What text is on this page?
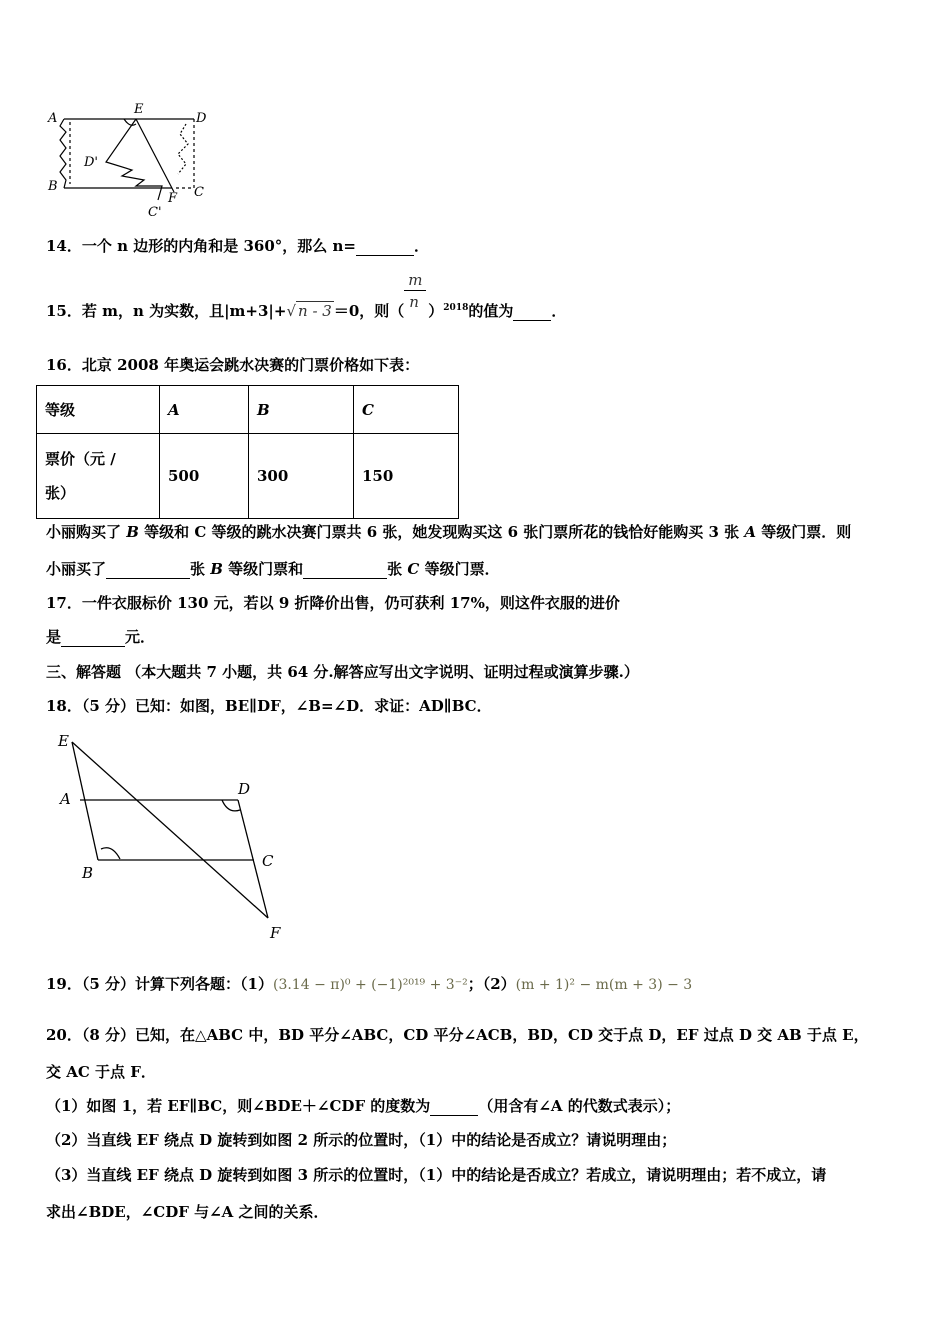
A
E
D
D'
B	C
F
C'
14．一个 n 边形的内角和是 360°，那么 n=	．
15．若 m，n 为实数，且|m+3|+√ n - 3 ＝0，则（ $\frac{m}{n} )^{2018}$的值为	．
16．北京 2008 年奥运会跳水决赛的门票价格如下表：
等级	A	B	C

票价（元 /
张）	500	300	150
小丽购买了 B 等级和 C 等级的跳水决赛门票共 6 张，她发现购买这 6 张门票所花的钱恰好能购买 3 张 A 等级门票．则
小丽买了	张 B 等级门票和	张 C 等级门票．
17．一件衣服标价 130 元，若以 9 折降价出售，仍可获利 17%，则这件衣服的进价
是	元．
三、解答题 （本大题共 7 小题，共 64 分.解答应写出文字说明、证明过程或演算步骤.）
18．（5 分）已知：如图，BE∥DF，∠B=∠D．求证：AD∥BC．
E
A
D
B
C
F
19．（5 分）计算下列各题：（1）(3.14 − π)⁰ + (−1)²⁰¹⁹ + 3⁻²；（2）(m + 1)² − m(m + 3) − 3
20．（8 分）已知，在△ABC 中，BD 平分∠ABC，CD 平分∠ACB，BD，CD 交于点 D，EF 过点 D 交 AB 于点 E，
交 AC 于点 F．
（1）如图 1，若 EF∥BC，则∠BDE＋∠CDF 的度数为	（用含有∠A 的代数式表示）；
（2）当直线 EF 绕点 D 旋转到如图 2 所示的位置时，（1）中的结论是否成立？请说明理由；
（3）当直线 EF 绕点 D 旋转到如图 3 所示的位置时，（1）中的结论是否成立？若成立，请说明理由；若不成立，请
求出∠BDE，∠CDF 与∠A 之间的关系．
